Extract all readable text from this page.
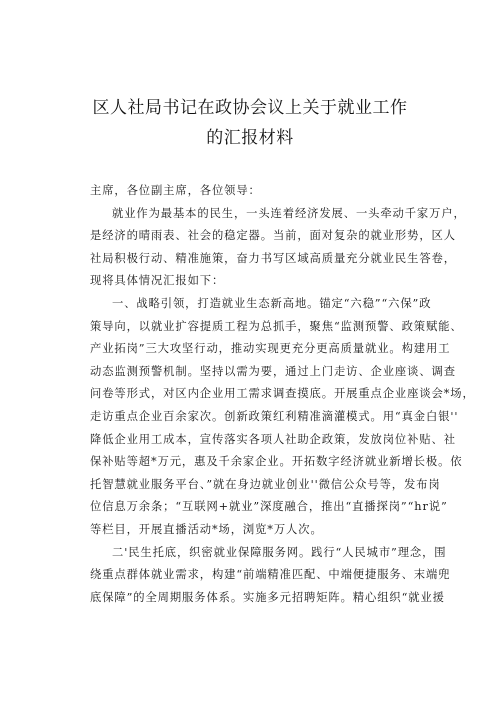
区人社局书记在政协会议上关于就业工作
的汇报材料
主席，各位副主席，各位领导：
就业作为最基本的民生，一头连着经济发展、一头牵动千家万户，
是经济的晴雨表、社会的稳定器。当前，面对复杂的就业形势，区人
社局积极行动、精准施策，奋力书写区域高质量充分就业民生答卷，
现将具体情况汇报如下：
一、战略引领，打造就业生态新高地。锚定“六稳”“六保”政
策导向，以就业扩容提质工程为总抓手，聚焦“监测预警、政策赋能、
产业拓岗”三大攻坚行动，推动实现更充分更高质量就业。构建用工
动态监测预警机制。坚持以需为要，通过上门走访、企业座谈、调查
问卷等形式，对区内企业用工需求调查摸底。开展重点企业座谈会*场，
走访重点企业百余家次。创新政策红利精准滴灌模式。用“真金白银''
降低企业用工成本，宣传落实各项人社助企政策，发放岗位补贴、社
保补贴等超*万元，惠及千余家企业。开拓数字经济就业新增长极。依
托智慧就业服务平台、”就在身边就业创业''微信公众号等，发布岗
位信息万余条；“互联网+就业”深度融合，推出“直播探岗”“hr说”
等栏目，开展直播活动*场，浏览*万人次。
二'民生托底，织密就业保障服务网。践行“人民城市”理念，围
绕重点群体就业需求，构建“前端精准匹配、中端便捷服务、末端兜
底保障”的全周期服务体系。实施多元招聘矩阵。精心组织“就业援
